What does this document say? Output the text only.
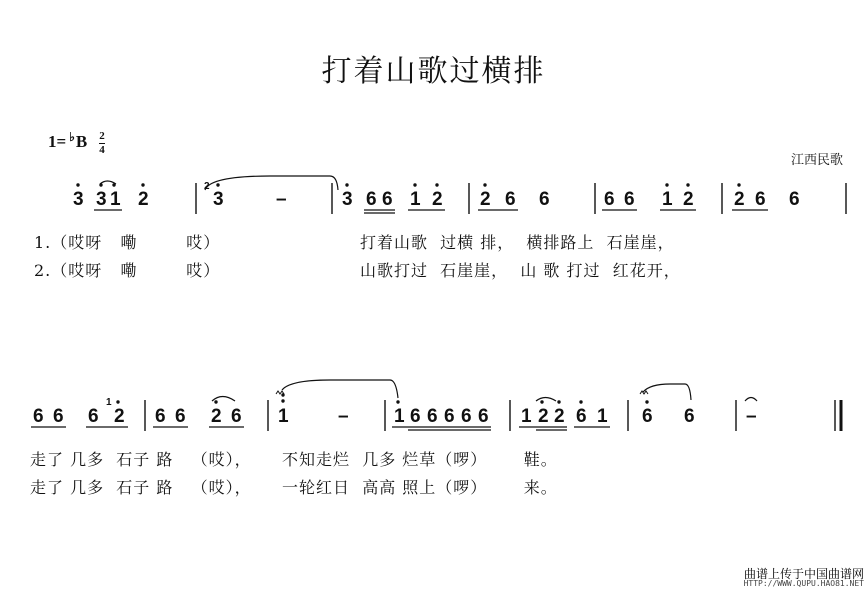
打着山歌过横排
$1= ^♭B \frac{2}{4}$
江西民歌
3 3 1 2	3	–	3 6 6 1 2 2 6 6	6 6 1 2 2 6 6
2
6 6 6 2 6 6 2 6 1	– 1 6 6 6 6 6 1 2 2 6 1 6 6	–
1
1.（哎呀   嘞        哎）
2.（哎呀   嘞        哎）
打着山歌  过横 排，  横排路上  石崖崖，
山歌打过  石崖崖，  山 歌 打过  红花开，
走了 几多  石子 路   （哎），     不知走烂  几多 烂草（啰）      鞋。
走了 几多  石子 路   （哎），     一轮红日  高高 照上（啰）      来。
曲谱上传于中国曲谱网
HTTP://WWW.QUPU.HAO81.NET
